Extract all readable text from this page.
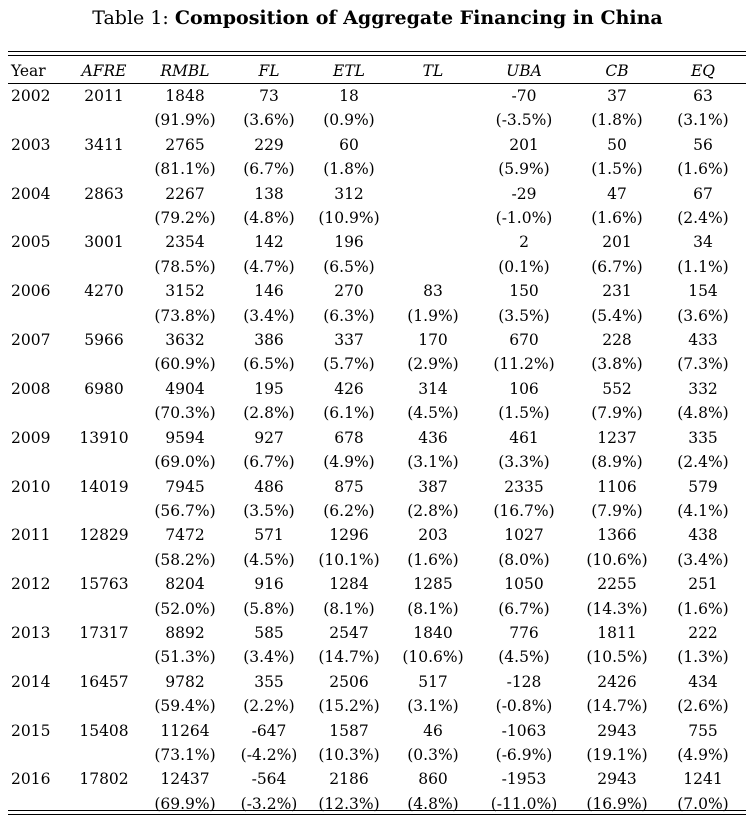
Table 1: Composition of Aggregate Financing in China
Year	AFRE	RMBL	FL	ETL	TL	UBA	CB	EQ
2002	2011	1848	73	18		-70	37	63
		(91.9%)	(3.6%)	(0.9%)		(-3.5%)	(1.8%)	(3.1%)
2003	3411	2765	229	60		201	50	56
		(81.1%)	(6.7%)	(1.8%)		(5.9%)	(1.5%)	(1.6%)
2004	2863	2267	138	312		-29	47	67
		(79.2%)	(4.8%)	(10.9%)		(-1.0%)	(1.6%)	(2.4%)
2005	3001	2354	142	196		2	201	34
		(78.5%)	(4.7%)	(6.5%)		(0.1%)	(6.7%)	(1.1%)
2006	4270	3152	146	270	83	150	231	154
		(73.8%)	(3.4%)	(6.3%)	(1.9%)	(3.5%)	(5.4%)	(3.6%)
2007	5966	3632	386	337	170	670	228	433
		(60.9%)	(6.5%)	(5.7%)	(2.9%)	(11.2%)	(3.8%)	(7.3%)
2008	6980	4904	195	426	314	106	552	332
		(70.3%)	(2.8%)	(6.1%)	(4.5%)	(1.5%)	(7.9%)	(4.8%)
2009	13910	9594	927	678	436	461	1237	335
		(69.0%)	(6.7%)	(4.9%)	(3.1%)	(3.3%)	(8.9%)	(2.4%)
2010	14019	7945	486	875	387	2335	1106	579
		(56.7%)	(3.5%)	(6.2%)	(2.8%)	(16.7%)	(7.9%)	(4.1%)
2011	12829	7472	571	1296	203	1027	1366	438
		(58.2%)	(4.5%)	(10.1%)	(1.6%)	(8.0%)	(10.6%)	(3.4%)
2012	15763	8204	916	1284	1285	1050	2255	251
		(52.0%)	(5.8%)	(8.1%)	(8.1%)	(6.7%)	(14.3%)	(1.6%)
2013	17317	8892	585	2547	1840	776	1811	222
		(51.3%)	(3.4%)	(14.7%)	(10.6%)	(4.5%)	(10.5%)	(1.3%)
2014	16457	9782	355	2506	517	-128	2426	434
		(59.4%)	(2.2%)	(15.2%)	(3.1%)	(-0.8%)	(14.7%)	(2.6%)
2015	15408	11264	-647	1587	46	-1063	2943	755
		(73.1%)	(-4.2%)	(10.3%)	(0.3%)	(-6.9%)	(19.1%)	(4.9%)
2016	17802	12437	-564	2186	860	-1953	2943	1241
		(69.9%)	(-3.2%)	(12.3%)	(4.8%)	(-11.0%)	(16.9%)	(7.0%)
